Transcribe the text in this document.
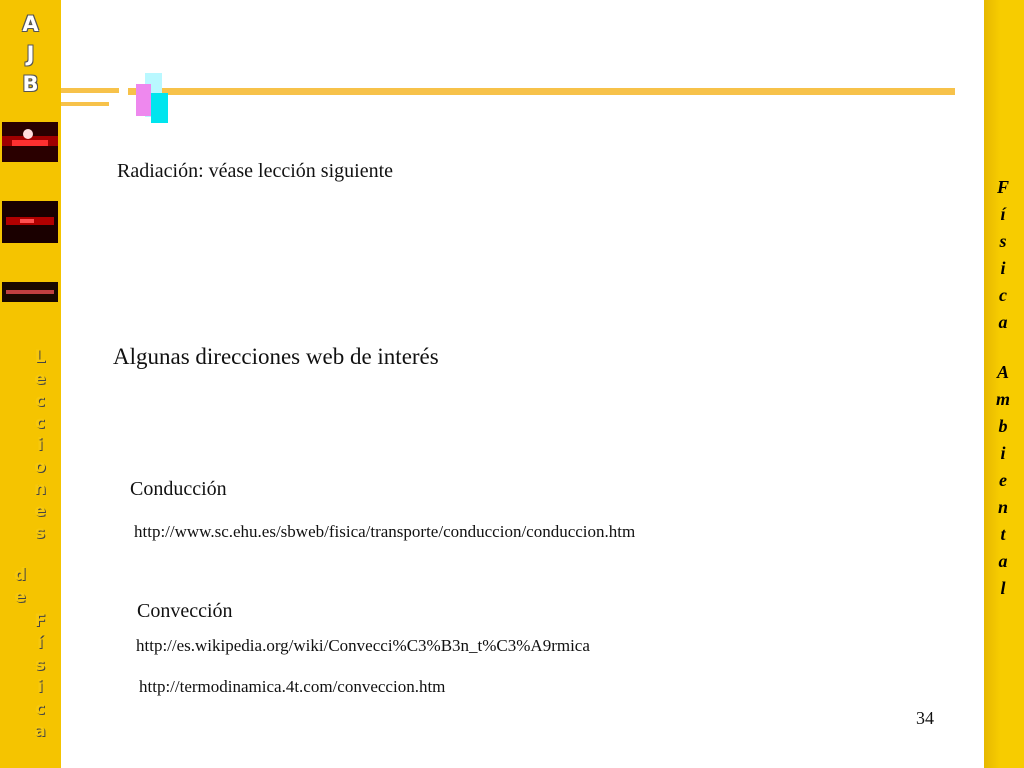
A
J
B
L
e
c
c
i
o
n
e
s
d
e
F
í
s
i
c
a
F
í
s
i
c
a
A
m
b
i
e
n
t
a
l
Radiación: véase lección siguiente
Algunas direcciones web de interés
Conducción
http://www.sc.ehu.es/sbweb/fisica/transporte/conduccion/conduccion.htm
Convección
http://es.wikipedia.org/wiki/Convecci%C3%B3n_t%C3%A9rmica
http://termodinamica.4t.com/conveccion.htm
34
